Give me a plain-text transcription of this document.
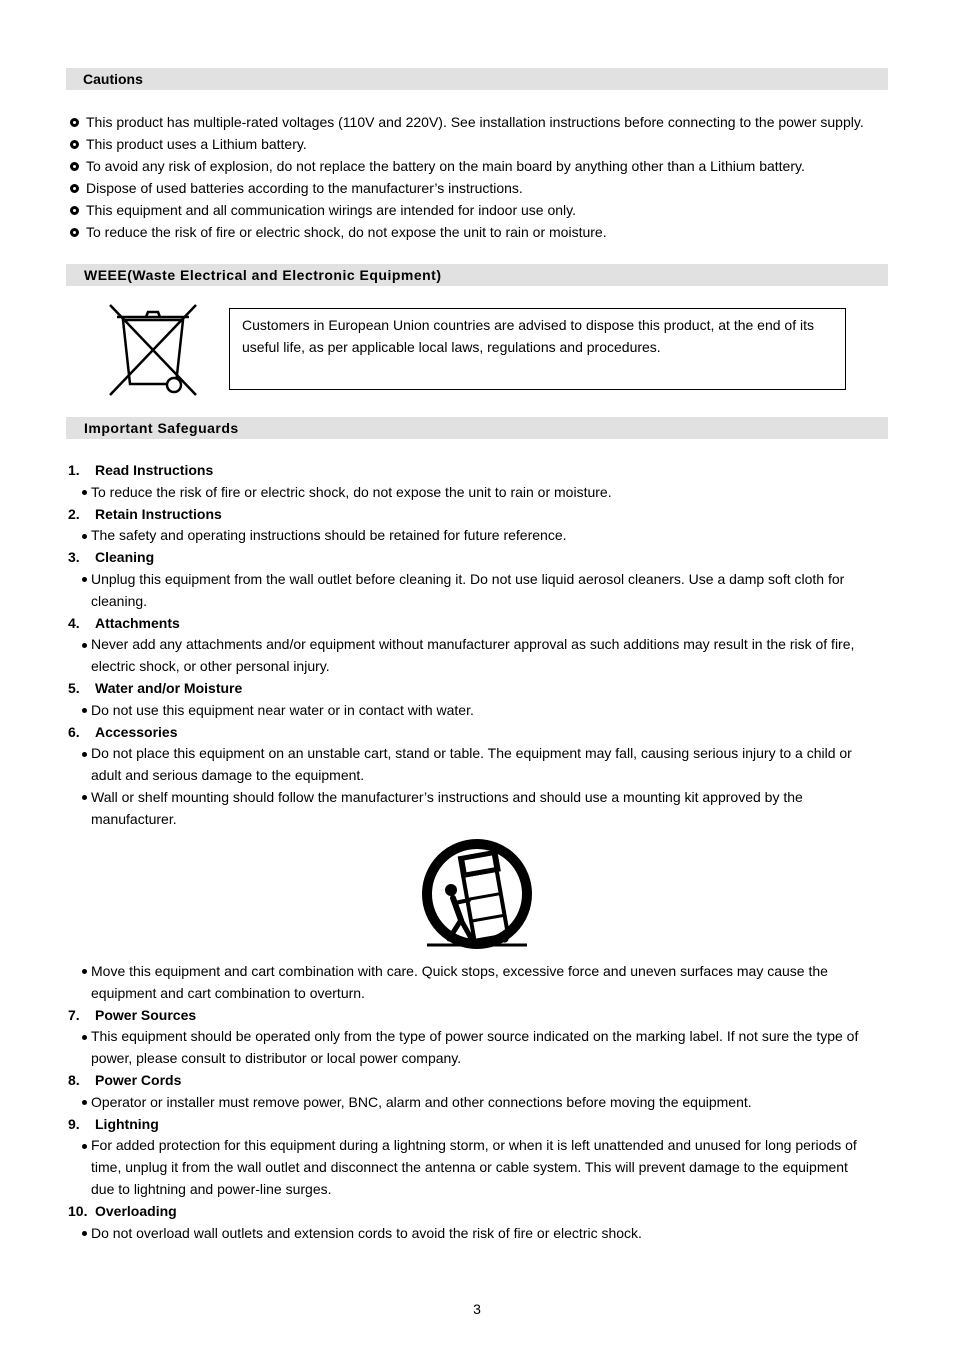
Cautions
This product has multiple-rated voltages (110V and 220V). See installation instructions before connecting to the power supply.
This product uses a Lithium battery.
To avoid any risk of explosion, do not replace the battery on the main board by anything other than a Lithium battery.
Dispose of used batteries according to the manufacturer’s instructions.
This equipment and all communication wirings are intended for indoor use only.
To reduce the risk of fire or electric shock, do not expose the unit to rain or moisture.
WEEE(Waste Electrical and Electronic Equipment)
Customers in European Union countries are advised to dispose this product, at the end of its
useful life, as per applicable local laws, regulations and procedures.
Important Safeguards
1. Read Instructions
To reduce the risk of fire or electric shock, do not expose the unit to rain or moisture.
2. Retain Instructions
The safety and operating instructions should be retained for future reference.
3. Cleaning
Unplug this equipment from the wall outlet before cleaning it. Do not use liquid aerosol cleaners. Use a damp soft cloth for
cleaning.
4. Attachments
Never add any attachments and/or equipment without manufacturer approval as such additions may result in the risk of fire,
electric shock, or other personal injury.
5. Water and/or Moisture
Do not use this equipment near water or in contact with water.
6. Accessories
Do not place this equipment on an unstable cart, stand or table. The equipment may fall, causing serious injury to a child or
adult and serious damage to the equipment.
Wall or shelf mounting should follow the manufacturer’s instructions and should use a mounting kit approved by the
manufacturer.
Move this equipment and cart combination with care. Quick stops, excessive force and uneven surfaces may cause the
equipment and cart combination to overturn.
7. Power Sources
This equipment should be operated only from the type of power source indicated on the marking label. If not sure the type of
power, please consult to distributor or local power company.
8. Power Cords
Operator or installer must remove power, BNC, alarm and other connections before moving the equipment.
9. Lightning
For added protection for this equipment during a lightning storm, or when it is left unattended and unused for long periods of
time, unplug it from the wall outlet and disconnect the antenna or cable system. This will prevent damage to the equipment
due to lightning and power-line surges.
10. Overloading
Do not overload wall outlets and extension cords to avoid the risk of fire or electric shock.
3
